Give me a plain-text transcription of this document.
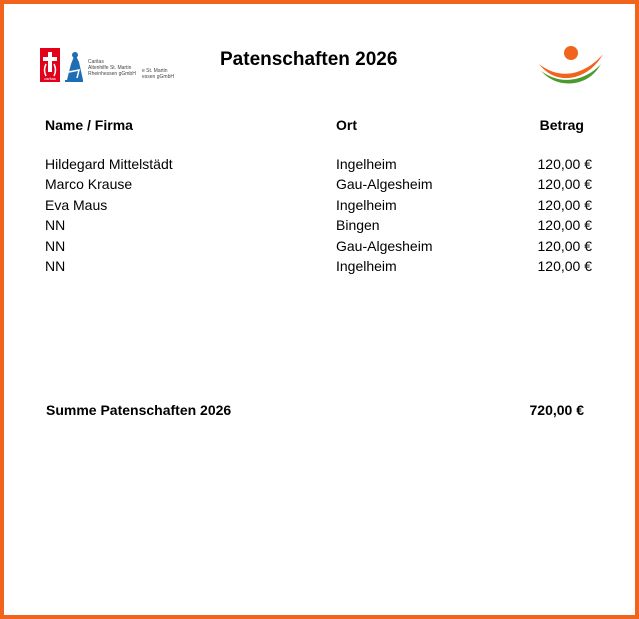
caritas
Caritas
Altenhilfe St. Martin
Rheinhessen gGmbH e St. Martin
essen gGmbH
Patenschaften 2026
Name / Firma	Ort	Betrag
Hildegard Mittelstädt	Ingelheim	120,00 €
Marco Krause	Gau-Algesheim	120,00 €
Eva Maus	Ingelheim	120,00 €
NN	Bingen	120,00 €
NN	Gau-Algesheim	120,00 €
NN	Ingelheim	120,00 €
Summe Patenschaften 2026	720,00 €
